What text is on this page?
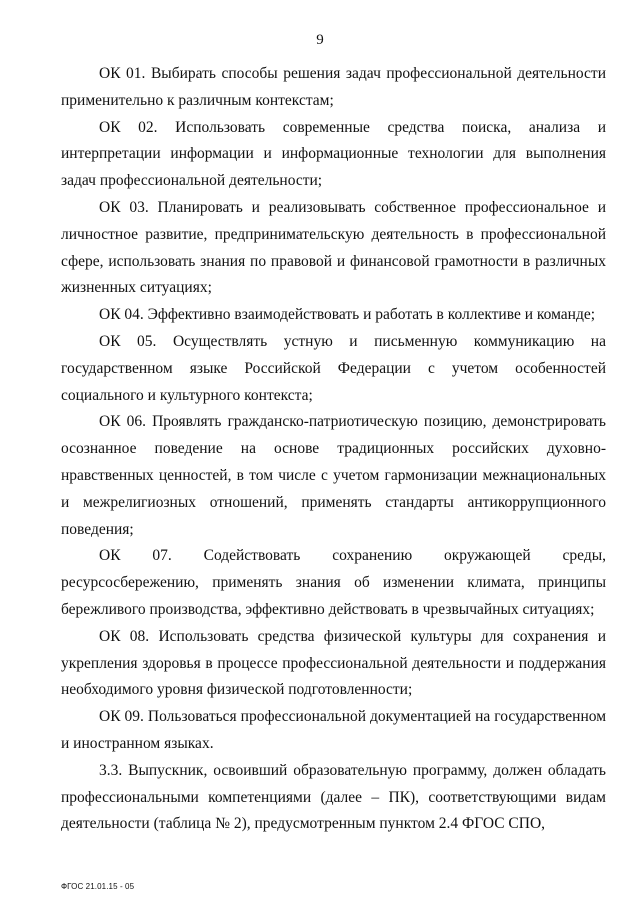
9

ОК 01. Выбирать способы решения задач профессиональной деятельности применительно к различным контекстам;

ОК 02. Использовать современные средства поиска, анализа и интерпретации информации и информационные технологии для выполнения задач профессиональной деятельности;

ОК 03. Планировать и реализовывать собственное профессиональное и личностное развитие, предпринимательскую деятельность в профессиональной сфере, использовать знания по правовой и финансовой грамотности в различных жизненных ситуациях;

ОК 04. Эффективно взаимодействовать и работать в коллективе и команде;

ОК 05. Осуществлять устную и письменную коммуникацию на государственном языке Российской Федерации с учетом особенностей социального и культурного контекста;

ОК 06. Проявлять гражданско-патриотическую позицию, демонстрировать осознанное поведение на основе традиционных российских духовно-нравственных ценностей, в том числе с учетом гармонизации межнациональных и межрелигиозных отношений, применять стандарты антикоррупционного поведения;

ОК 07. Содействовать сохранению окружающей среды, ресурсосбережению, применять знания об изменении климата, принципы бережливого производства, эффективно действовать в чрезвычайных ситуациях;

ОК 08. Использовать средства физической культуры для сохранения и укрепления здоровья в процессе профессиональной деятельности и поддержания необходимого уровня физической подготовленности;

ОК 09. Пользоваться профессиональной документацией на государственном и иностранном языках.

3.3. Выпускник, освоивший образовательную программу, должен обладать профессиональными компетенциями (далее – ПК), соответствующими видам деятельности (таблица № 2), предусмотренным пунктом 2.4 ФГОС СПО,

ФГОС 21.01.15 - 05
